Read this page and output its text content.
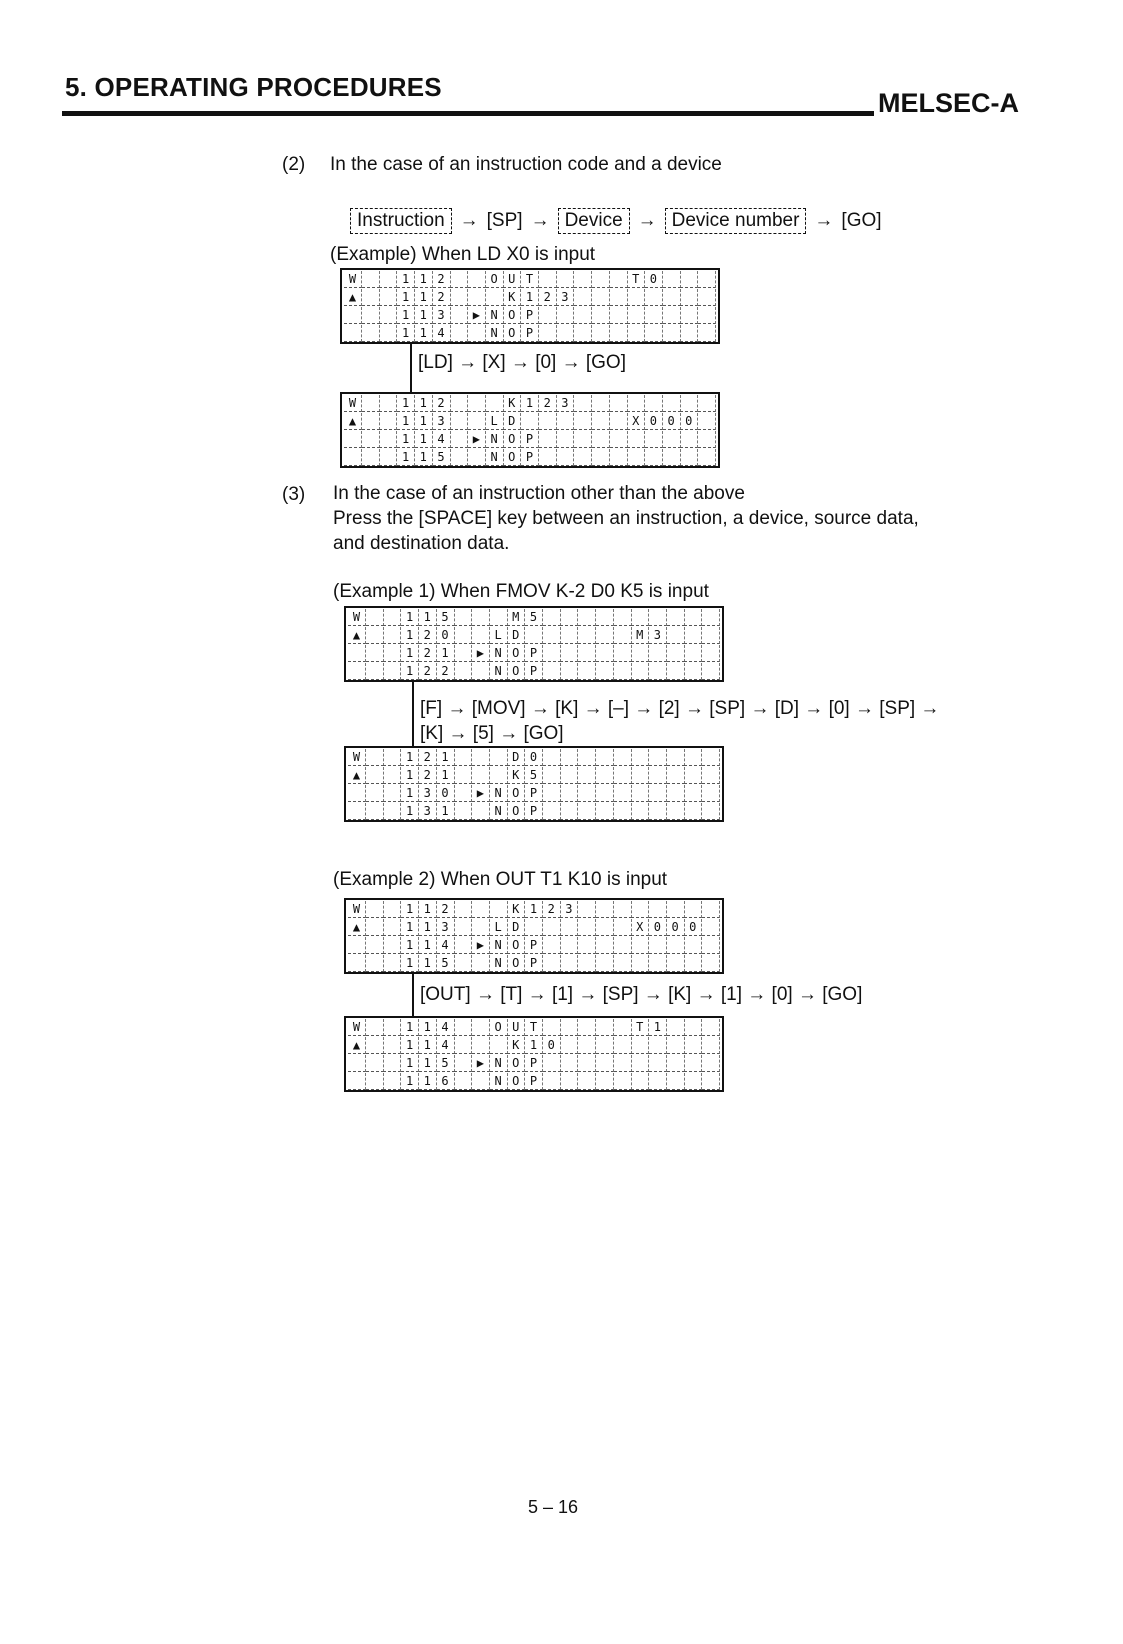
5. OPERATING PROCEDURES
MELSEC-A
(2) In the case of an instruction code and a device
Instruction → [SP] → Device → Device number → [GO]
(Example) When LD X0 is input
W	1 1 2	O U T	T 0
▲	1 1 2	K 1 2 3
1 1 3	▶ N O P
1 1 4	N O P
[LD] → [X] → [0] → [GO]
W	1 1 2	K 1 2 3
▲	1 1 3	L D	X 0 0 0
1 1 4	▶ N O P
1 1 5	N O P
(3) In the case of an instruction other than the above
Press the [SPACE] key between an instruction, a device, source data,
and destination data.
(Example 1) When FMOV K-2 D0 K5 is input
W	1 1 5	M 5
▲	1 2 0	L D	M 3
1 2 1	▶ N O P
1 2 2	N O P
[F] → [MOV] → [K] → [–] → [2] → [SP] → [D] → [0] → [SP] →
[K] → [5] → [GO]
W	1 2 1	D 0
▲	1 2 1	K 5
1 3 0	▶ N O P
1 3 1	N O P
(Example 2) When OUT T1 K10 is input
W	1 1 2	K 1 2 3
▲	1 1 3	L D	X 0 0 0
1 1 4	▶ N O P
1 1 5	N O P
[OUT] → [T] → [1] → [SP] → [K] → [1] → [0] → [GO]
W	1 1 4	O U T	T 1
▲	1 1 4	K 1 0
1 1 5	▶ N O P
1 1 6	N O P
5 – 16
